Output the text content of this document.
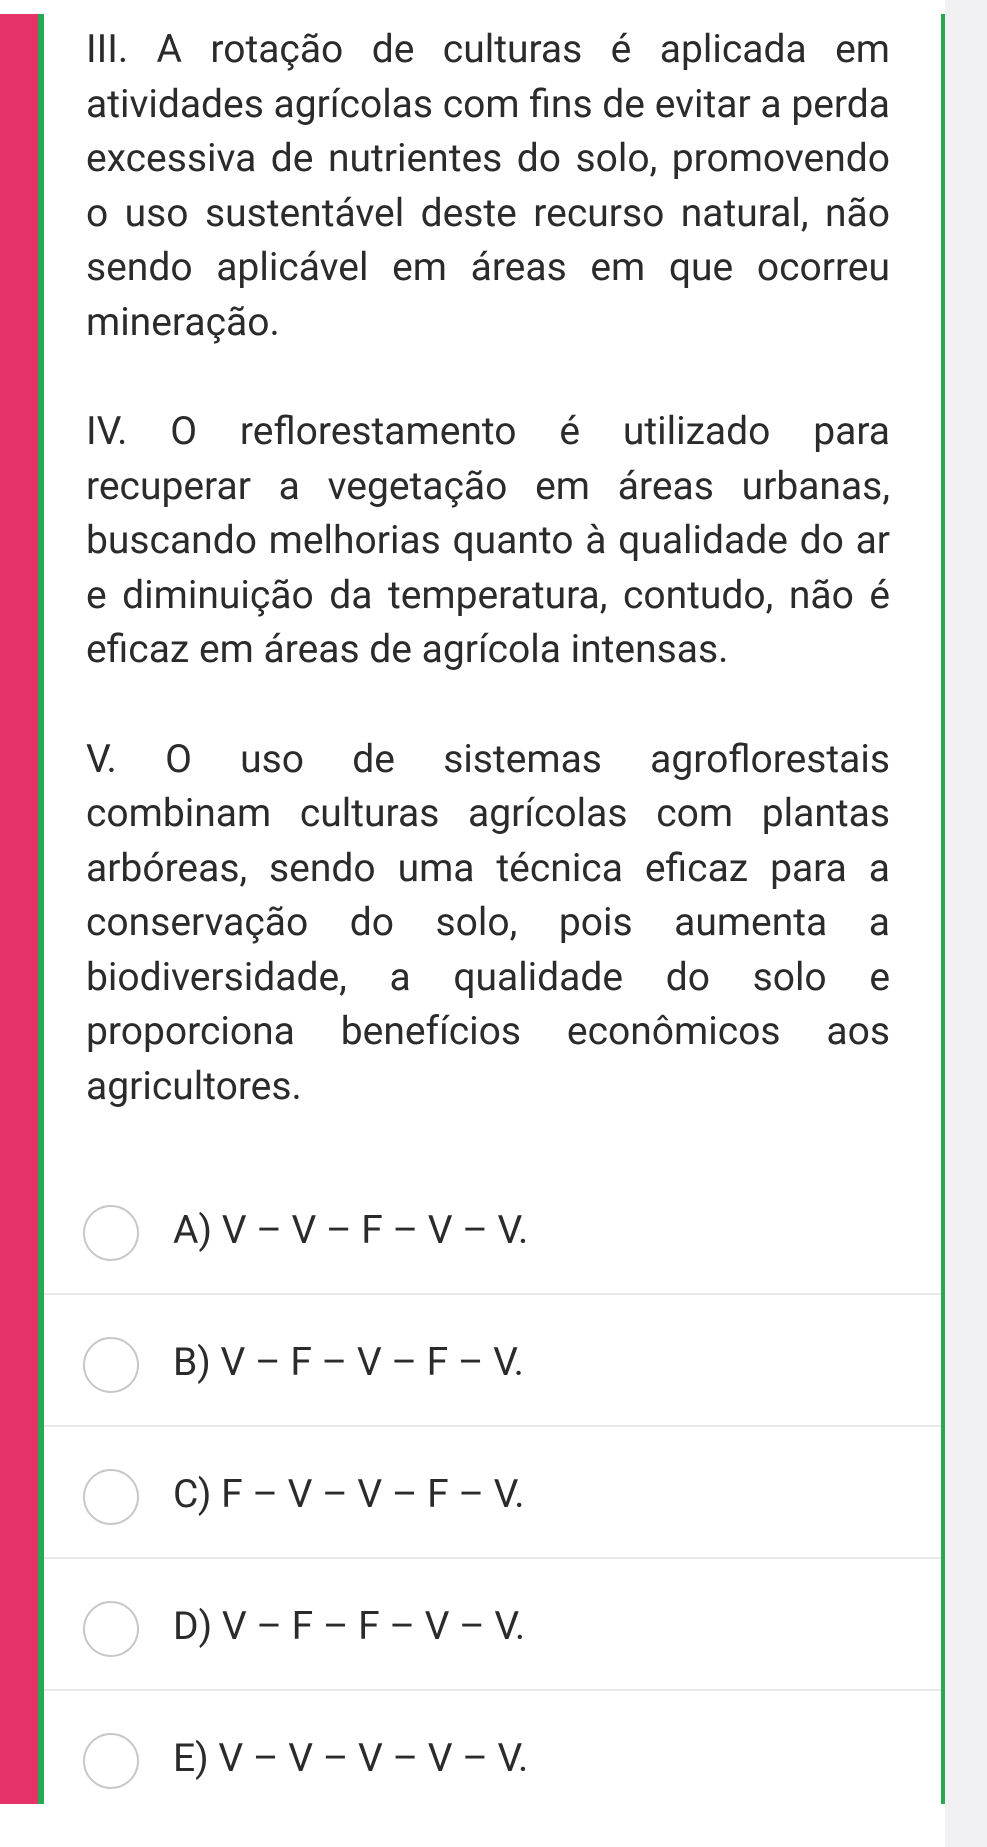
III. A rotação de culturas é aplicada em atividades agrícolas com fins de evitar a perda excessiva de nutrientes do solo, promovendo o uso sustentável deste recurso natural, não sendo aplicável em áreas em que ocorreu mineração.

IV. O reflorestamento é utilizado para recuperar a vegetação em áreas urbanas, buscando melhorias quanto à qualidade do ar e diminuição da temperatura, contudo, não é eficaz em áreas de agrícola intensas.

V. O uso de sistemas agroflorestais combinam culturas agrícolas com plantas arbóreas, sendo uma técnica eficaz para a conservação do solo, pois aumenta a biodiversidade, a qualidade do solo e proporciona benefícios econômicos aos agricultores.

A) V – V – F – V – V.
B) V – F – V – F – V.
C) F – V – V – F – V.
D) V – F – F – V – V.
E) V – V – V – V – V.
